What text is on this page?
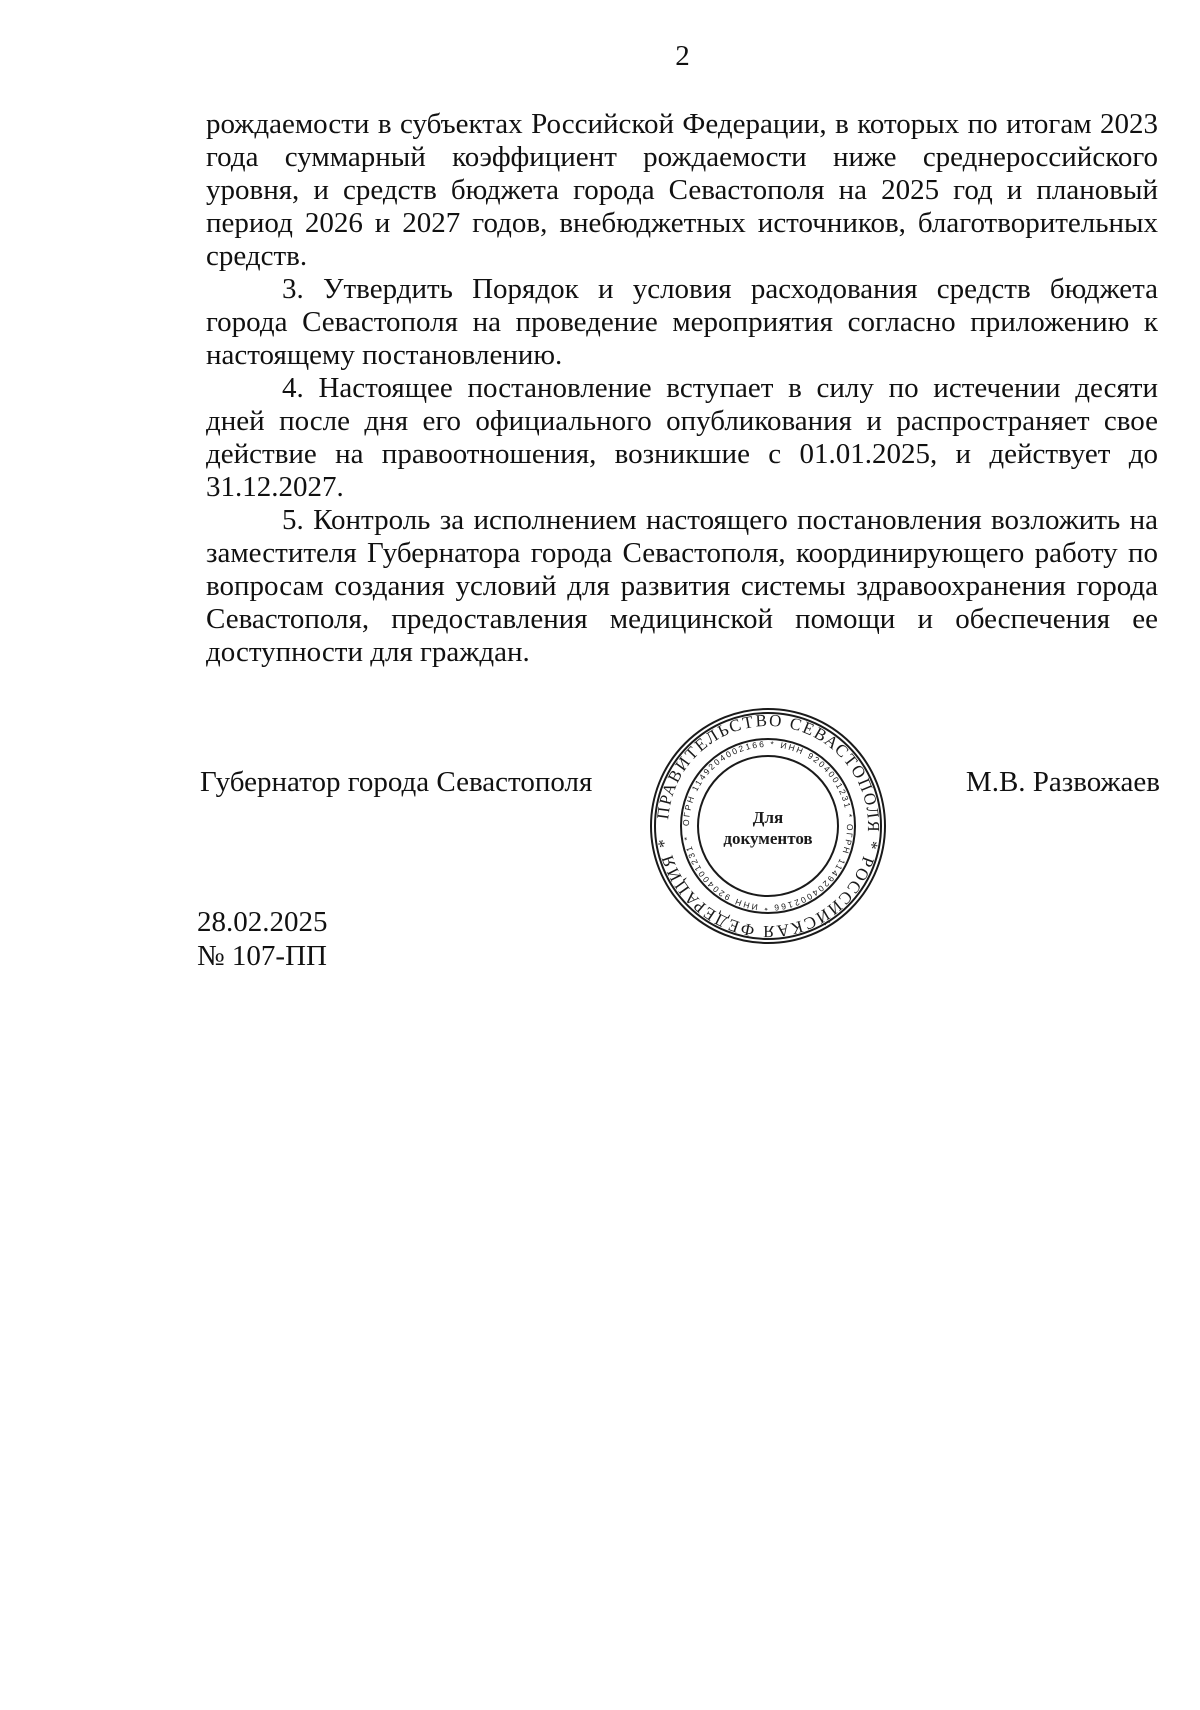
2

рождаемости в субъектах Российской Федерации, в которых по итогам 2023 года суммарный коэффициент рождаемости ниже среднероссийского уровня, и средств бюджета города Севастополя на 2025 год и плановый период 2026 и 2027 годов, внебюджетных источников, благотворительных средств.

3. Утвердить Порядок и условия расходования средств бюджета города Севастополя на проведение мероприятия согласно приложению к настоящему постановлению.

4. Настоящее постановление вступает в силу по истечении десяти дней после дня его официального опубликования и распространяет свое действие на правоотношения, возникшие с 01.01.2025, и действует до 31.12.2027.

5. Контроль за исполнением настоящего постановления возложить на заместителя Губернатора города Севастополя, координирующего работу по вопросам создания условий для развития системы здравоохранения города Севастополя, предоставления медицинской помощи и обеспечения ее доступности для граждан.

Губернатор города Севастополя	М.В. Развожаев
ПРАВИТЕЛЬСТВО СЕВАСТОПОЛЯ * РОССИЙСКАЯ ФЕДЕРАЦИЯ *
ОГРН 1149204002166 * ИНН 9204001231 * ОГРН 1149204002166 * ИНН 9204001231 *
Для
документов
28.02.2025
№ 107-ПП
